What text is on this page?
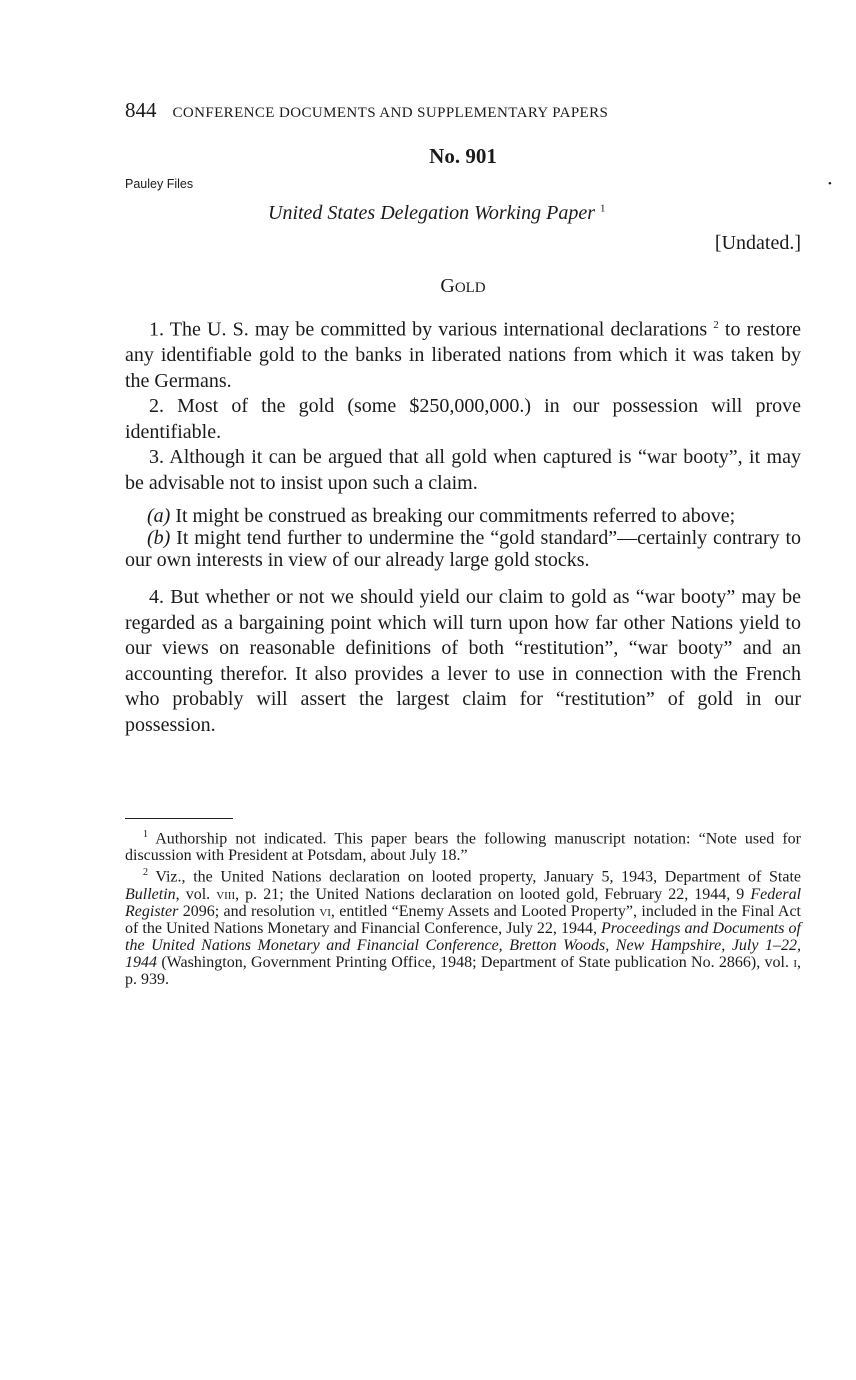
844 CONFERENCE DOCUMENTS AND SUPPLEMENTARY PAPERS
No. 901
Pauley Files	•
United States Delegation Working Paper $^1$
[Undated.]
GOLD

1. The U. S. may be committed by various international declarations $^2$ to restore any identifiable gold to the banks in liberated nations from which it was taken by the Germans.

2. Most of the gold (some $250,000,000.) in our possession will prove identifiable.

3. Although it can be argued that all gold when captured is “war booty”, it may be advisable not to insist upon such a claim.

(a) It might be construed as breaking our commitments referred to above;

(b) It might tend further to undermine the “gold standard”—certainly contrary to our own interests in view of our already large gold stocks.

4. But whether or not we should yield our claim to gold as “war booty” may be regarded as a bargaining point which will turn upon how far other Nations yield to our views on reasonable definitions of both “restitution”, “war booty” and an accounting therefor. It also provides a lever to use in connection with the French who probably will assert the largest claim for “restitution” of gold in our possession.

$^1$ Authorship not indicated. This paper bears the following manuscript notation: “Note used for discussion with President at Potsdam, about July 18.”

$^2$ Viz., the United Nations declaration on looted property, January 5, 1943, Department of State Bulletin, vol. viii, p. 21; the United Nations declaration on looted gold, February 22, 1944, 9 Federal Register 2096; and resolution vi, entitled “Enemy Assets and Looted Property”, included in the Final Act of the United Nations Monetary and Financial Conference, July 22, 1944, Proceedings and Documents of the United Nations Monetary and Financial Conference, Bretton Woods, New Hampshire, July 1–22, 1944 (Washington, Government Printing Office, 1948; Department of State publication No. 2866), vol. i, p. 939.
